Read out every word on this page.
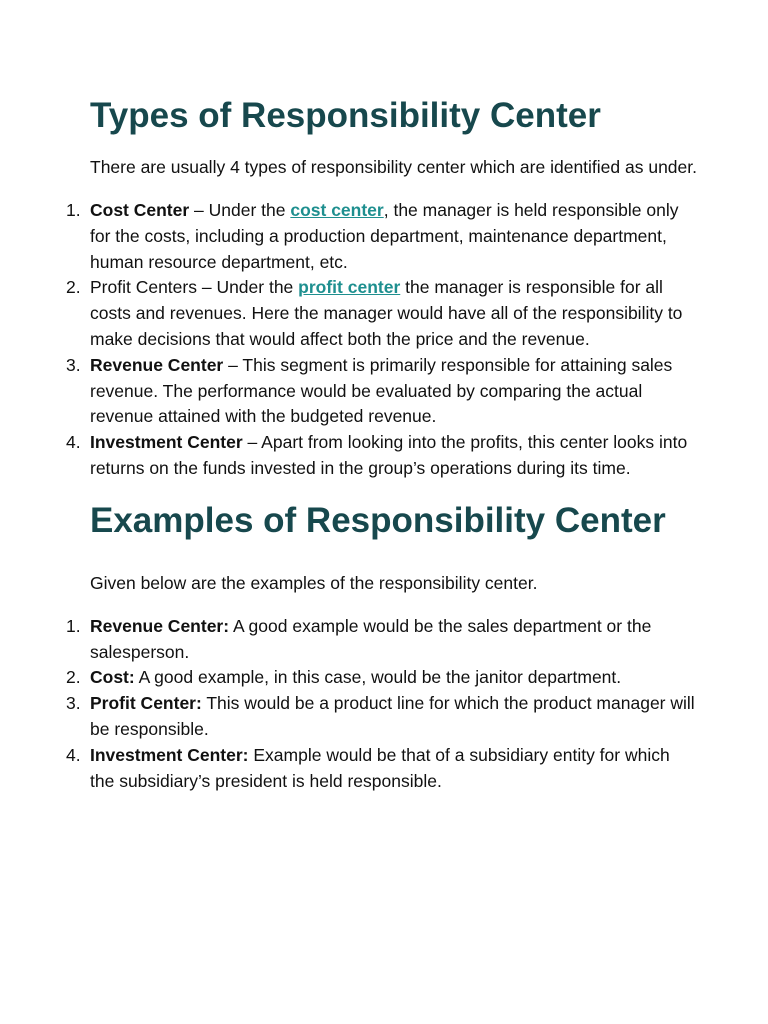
Types of Responsibility Center

There are usually 4 types of responsibility center which are identified as under.

1. Cost Center – Under the cost center, the manager is held responsible only for the costs, including a production department, maintenance department, human resource department, etc.
2. Profit Centers – Under the profit center the manager is responsible for all costs and revenues. Here the manager would have all of the responsibility to make decisions that would affect both the price and the revenue.
3. Revenue Center – This segment is primarily responsible for attaining sales revenue. The performance would be evaluated by comparing the actual revenue attained with the budgeted revenue.
4. Investment Center – Apart from looking into the profits, this center looks into returns on the funds invested in the group’s operations during its time.
Examples of Responsibility Center

Given below are the examples of the responsibility center.

1. Revenue Center: A good example would be the sales department or the salesperson.
2. Cost: A good example, in this case, would be the janitor department.
3. Profit Center: This would be a product line for which the product manager will be responsible.
4. Investment Center: Example would be that of a subsidiary entity for which the subsidiary’s president is held responsible.
